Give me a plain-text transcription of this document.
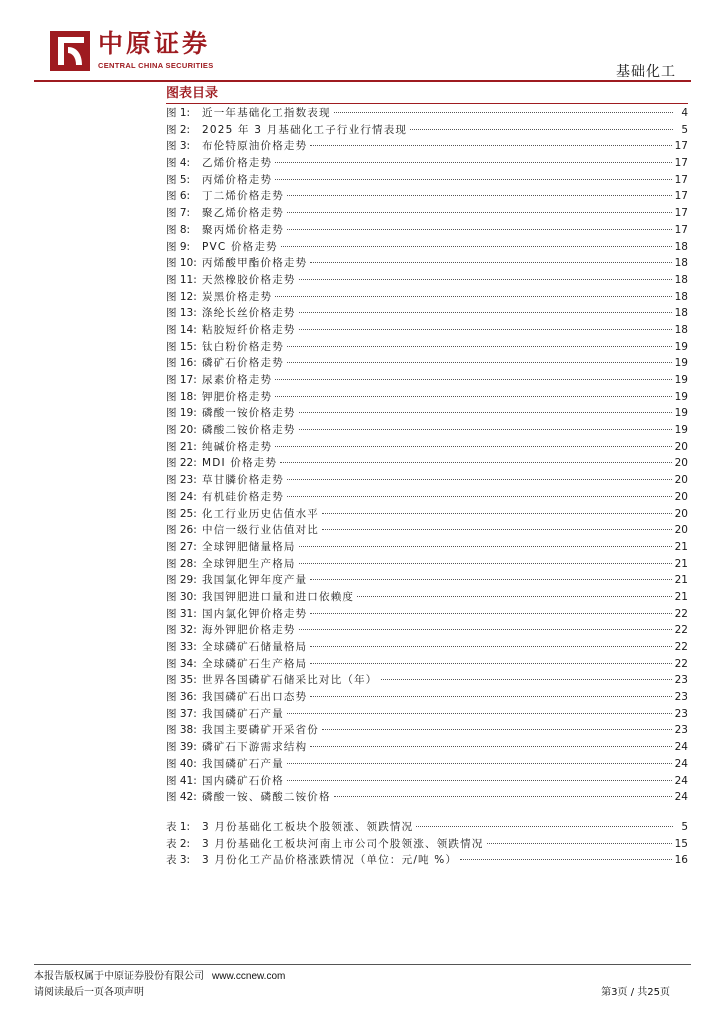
中原证券
CENTRAL CHINA SECURITIES	基础化工
图表目录
图 1:	近一年基础化工指数表现	4
图 2:	2025 年 3 月基础化工子行业行情表现	5
图 3:	布伦特原油价格走势	17
图 4:	乙烯价格走势	17
图 5:	丙烯价格走势	17
图 6:	丁二烯价格走势	17
图 7:	聚乙烯价格走势	17
图 8:	聚丙烯价格走势	17
图 9:	PVC 价格走势	18
图 10: 丙烯酸甲酯价格走势	18
图 11: 天然橡胶价格走势	18
图 12: 炭黑价格走势	18
图 13: 涤纶长丝价格走势	18
图 14: 粘胶短纤价格走势	18
图 15: 钛白粉价格走势	19
图 16: 磷矿石价格走势	19
图 17: 尿素价格走势	19
图 18: 钾肥价格走势	19
图 19: 磷酸一铵价格走势	19
图 20: 磷酸二铵价格走势	19
图 21: 纯碱价格走势	20
图 22: MDI 价格走势	20
图 23: 草甘膦价格走势	20
图 24: 有机硅价格走势	20
图 25: 化工行业历史估值水平	20
图 26: 中信一级行业估值对比	20
图 27: 全球钾肥储量格局	21
图 28: 全球钾肥生产格局	21
图 29: 我国氯化钾年度产量	21
图 30: 我国钾肥进口量和进口依赖度	21
图 31: 国内氯化钾价格走势	22
图 32: 海外钾肥价格走势	22
图 33: 全球磷矿石储量格局	22
图 34: 全球磷矿石生产格局	22
图 35: 世界各国磷矿石储采比对比（年）	23
图 36: 我国磷矿石出口态势	23
图 37: 我国磷矿石产量	23
图 38: 我国主要磷矿开采省份	23
图 39: 磷矿石下游需求结构	24
图 40: 我国磷矿石产量	24
图 41: 国内磷矿石价格	24
图 42: 磷酸一铵、磷酸二铵价格	24
表 1:	3 月份基础化工板块个股领涨、领跌情况	5
表 2:	3 月份基础化工板块河南上市公司个股领涨、领跌情况	15
表 3:	3 月份化工产品价格涨跌情况（单位：元/吨 %）	16
本报告版权属于中原证券股份有限公司 www.ccnew.com
请阅读最后一页各项声明	第3页 / 共25页
